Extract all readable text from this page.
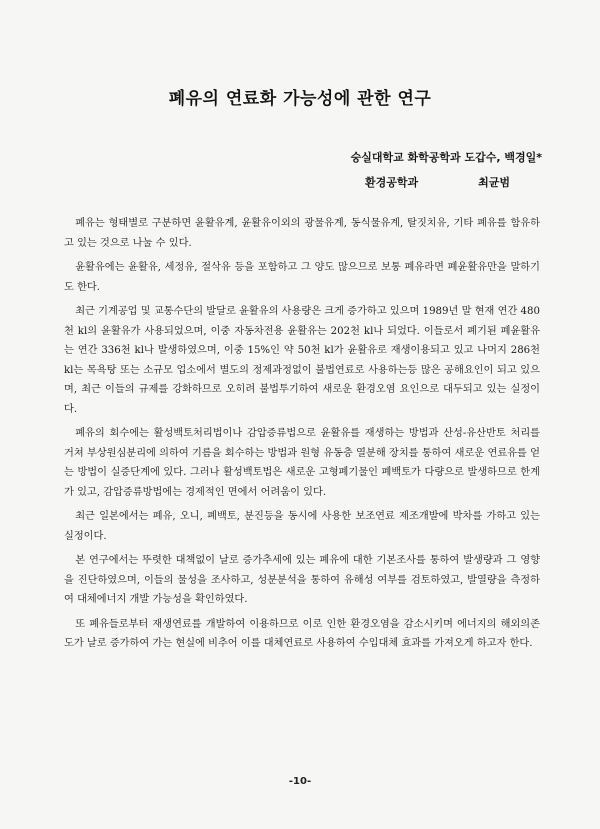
폐유의 연료화 가능성에 관한 연구
숭실대학교 화학공학과 도갑수, 백경일*
환경공학과	최균범

폐유는 형태별로 구분하면 윤활유계, 윤활유이외의 광물유계, 동식물유계, 탈짓치유, 기타 폐유를 함유하고 있는 것으로 나눌 수 있다.

윤활유에는 윤활유, 세정유, 절삭유 등을 포함하고 그 양도 많으므로 보통 폐유라면 폐윤활유만을 말하기도 한다.

최근 기계공업 및 교통수단의 발달로 윤활유의 사용량은 크게 증가하고 있으며 1989년 말 현재 연간 480천 kl의 윤활유가 사용되었으며, 이중 자동차전용 윤활유는 202천 kl나 되었다. 이들로서 폐기된 폐윤활유는 연간 336천 kl나 발생하였으며, 이중 15%인 약 50천 kl가 윤활유로 재생이용되고 있고 나머지 286천 kl는 목욕탕 또는 소규모 업소에서 별도의 정제과정없이 불법연료로 사용하는등 많은 공해요인이 되고 있으며, 최근 이들의 규제를 강화하므로 오히려 불법투기하여 새로운 환경오염 요인으로 대두되고 있는 실정이다.

폐유의 회수에는 활성백토처리법이나 감압증류법으로 윤활유를 재생하는 방법과 산성-유산반토 처리를 거쳐 부상원심분리에 의하여 기름을 회수하는 방법과 원형 유동층 열분해 장치를 통하여 새로운 연료유를 얻는 방법이 실증단계에 있다. 그러나 활성백토법은 새로운 고형폐기물인 폐백토가 다량으로 발생하므로 한계가 있고, 감압증류방법에는 경제적인 면에서 어려움이 있다.

최근 일본에서는 폐유, 오니, 폐백토, 분진등을 동시에 사용한 보조연료 제조개발에 박차를 가하고 있는 실정이다.

본 연구에서는 뚜렷한 대책없이 날로 증가추세에 있는 폐유에 대한 기본조사를 통하여 발생량과 그 영향을 진단하였으며, 이들의 물성을 조사하고, 성분분석을 통하여 유해성 여부를 검토하였고, 발열량을 측정하여 대체에너지 개발 가능성을 확인하였다.

또 폐유들로부터 재생연료를 개발하여 이용하므로 이로 인한 환경오염을 감소시키며 에너지의 해외의존도가 날로 증가하여 가는 현실에 비추어 이를 대체연료로 사용하여 수입대체 효과를 가져오게 하고자 한다.

-10-
